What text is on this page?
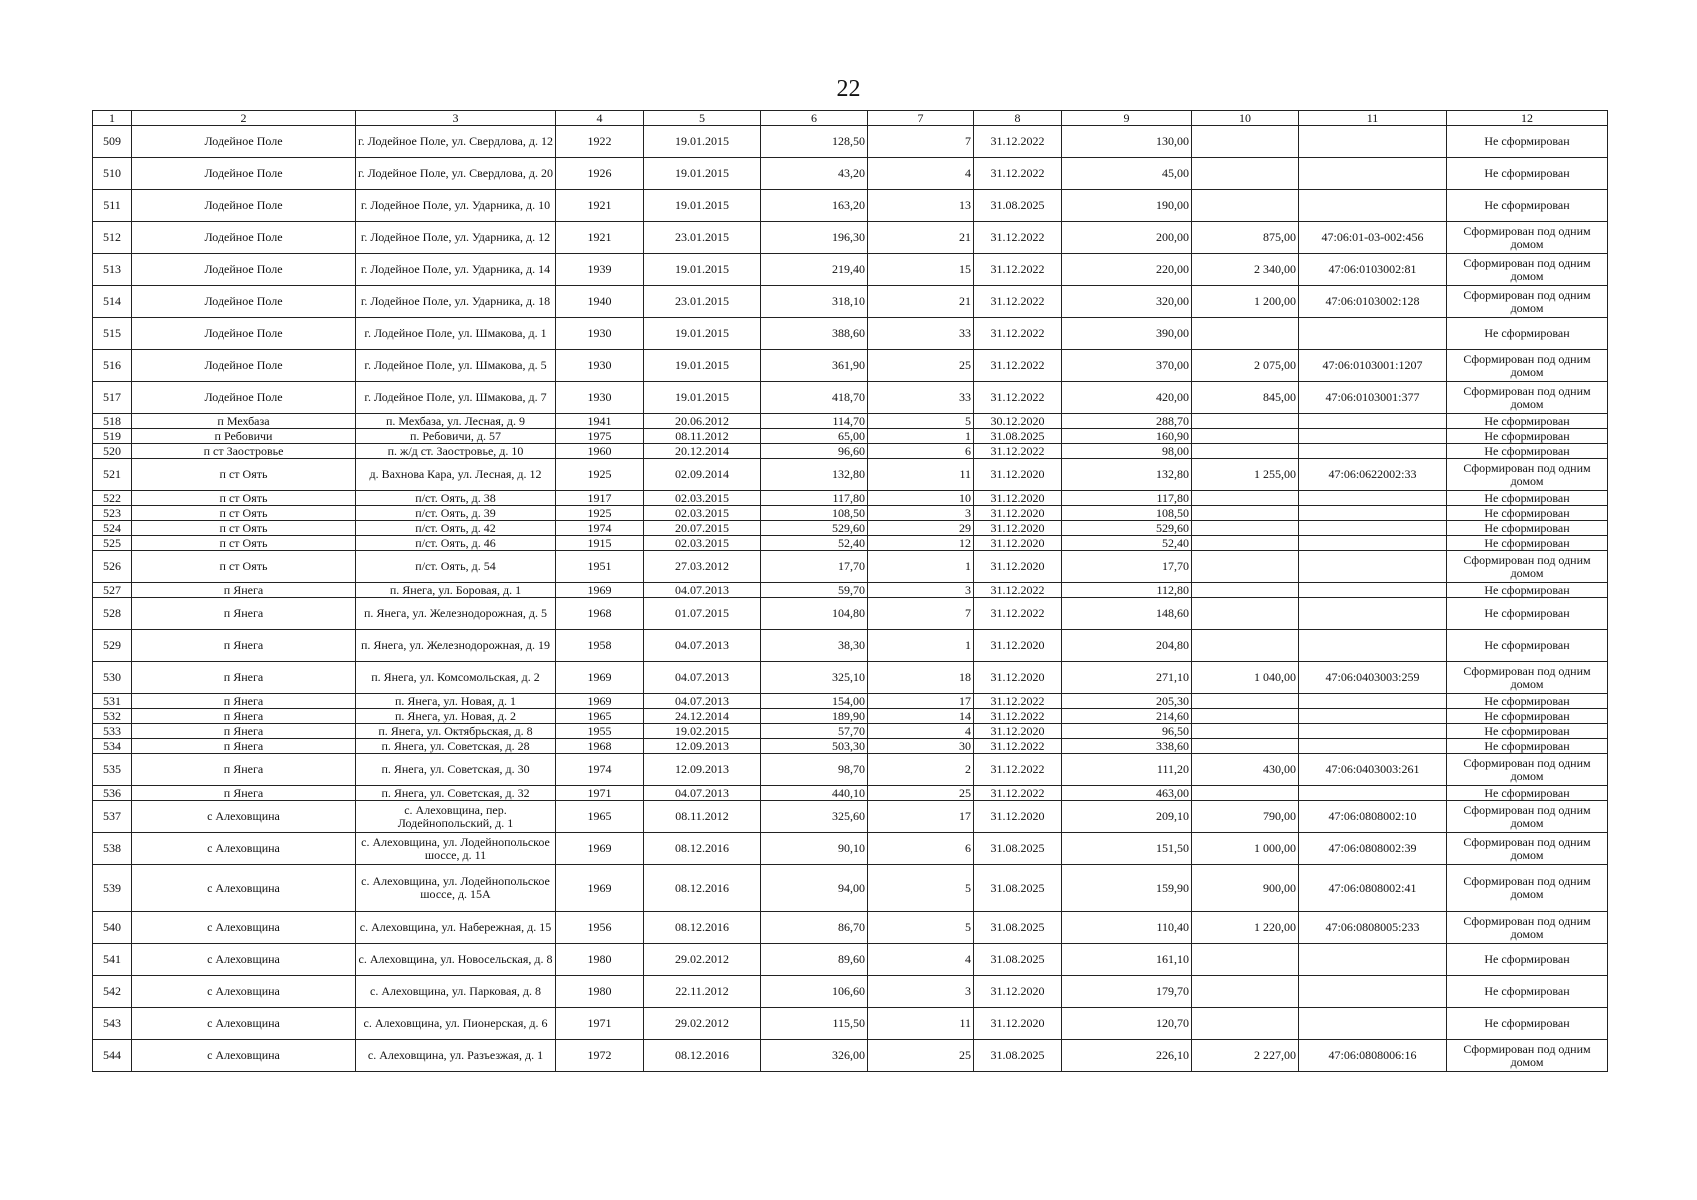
22
1	2	3	4	5	6	7	8	9	10	11	12
509	Лодейное Поле	г. Лодейное Поле, ул. Свердлова, д. 12	1922	19.01.2015	128,50	7	31.12.2022	130,00			Не сформирован
510	Лодейное Поле	г. Лодейное Поле, ул. Свердлова, д. 20	1926	19.01.2015	43,20	4	31.12.2022	45,00			Не сформирован
511	Лодейное Поле	г. Лодейное Поле, ул. Ударника, д. 10	1921	19.01.2015	163,20	13	31.08.2025	190,00			Не сформирован
512	Лодейное Поле	г. Лодейное Поле, ул. Ударника, д. 12	1921	23.01.2015	196,30	21	31.12.2022	200,00	875,00	47:06:01-03-002:456	Сформирован под одним домом
513	Лодейное Поле	г. Лодейное Поле, ул. Ударника, д. 14	1939	19.01.2015	219,40	15	31.12.2022	220,00	2 340,00	47:06:0103002:81	Сформирован под одним домом
514	Лодейное Поле	г. Лодейное Поле, ул. Ударника, д. 18	1940	23.01.2015	318,10	21	31.12.2022	320,00	1 200,00	47:06:0103002:128	Сформирован под одним домом
515	Лодейное Поле	г. Лодейное Поле, ул. Шмакова, д. 1	1930	19.01.2015	388,60	33	31.12.2022	390,00			Не сформирован
516	Лодейное Поле	г. Лодейное Поле, ул. Шмакова, д. 5	1930	19.01.2015	361,90	25	31.12.2022	370,00	2 075,00	47:06:0103001:1207	Сформирован под одним домом
517	Лодейное Поле	г. Лодейное Поле, ул. Шмакова, д. 7	1930	19.01.2015	418,70	33	31.12.2022	420,00	845,00	47:06:0103001:377	Сформирован под одним домом
518	п Мехбаза	п. Мехбаза, ул. Лесная, д. 9	1941	20.06.2012	114,70	5	30.12.2020	288,70			Не сформирован
519	п Ребовичи	п. Ребовичи, д. 57	1975	08.11.2012	65,00	1	31.08.2025	160,90			Не сформирован
520	п ст Заостровье	п. ж/д ст. Заостровье, д. 10	1960	20.12.2014	96,60	6	31.12.2022	98,00			Не сформирован
521	п ст Оять	д. Вахнова Кара, ул. Лесная, д. 12	1925	02.09.2014	132,80	11	31.12.2020	132,80	1 255,00	47:06:0622002:33	Сформирован под одним домом
522	п ст Оять	п/ст. Оять, д. 38	1917	02.03.2015	117,80	10	31.12.2020	117,80			Не сформирован
523	п ст Оять	п/ст. Оять, д. 39	1925	02.03.2015	108,50	3	31.12.2020	108,50			Не сформирован
524	п ст Оять	п/ст. Оять, д. 42	1974	20.07.2015	529,60	29	31.12.2020	529,60			Не сформирован
525	п ст Оять	п/ст. Оять, д. 46	1915	02.03.2015	52,40	12	31.12.2020	52,40			Не сформирован
526	п ст Оять	п/ст. Оять, д. 54	1951	27.03.2012	17,70	1	31.12.2020	17,70			Сформирован под одним домом
527	п Янега	п. Янега, ул. Боровая, д. 1	1969	04.07.2013	59,70	3	31.12.2022	112,80			Не сформирован
528	п Янега	п. Янега, ул. Железнодорожная, д. 5	1968	01.07.2015	104,80	7	31.12.2022	148,60			Не сформирован
529	п Янега	п. Янега, ул. Железнодорожная, д. 19	1958	04.07.2013	38,30	1	31.12.2020	204,80			Не сформирован
530	п Янега	п. Янега, ул. Комсомольская, д. 2	1969	04.07.2013	325,10	18	31.12.2020	271,10	1 040,00	47:06:0403003:259	Сформирован под одним домом
531	п Янега	п. Янега, ул. Новая, д. 1	1969	04.07.2013	154,00	17	31.12.2022	205,30			Не сформирован
532	п Янега	п. Янега, ул. Новая, д. 2	1965	24.12.2014	189,90	14	31.12.2022	214,60			Не сформирован
533	п Янега	п. Янега, ул. Октябрьская, д. 8	1955	19.02.2015	57,70	4	31.12.2020	96,50			Не сформирован
534	п Янега	п. Янега, ул. Советская, д. 28	1968	12.09.2013	503,30	30	31.12.2022	338,60			Не сформирован
535	п Янега	п. Янега, ул. Советская, д. 30	1974	12.09.2013	98,70	2	31.12.2022	111,20	430,00	47:06:0403003:261	Сформирован под одним домом
536	п Янега	п. Янега, ул. Советская, д. 32	1971	04.07.2013	440,10	25	31.12.2022	463,00			Не сформирован
537	с Алеховщина	с. Алеховщина, пер. Лодейнопольский, д. 1	1965	08.11.2012	325,60	17	31.12.2020	209,10	790,00	47:06:0808002:10	Сформирован под одним домом
538	с Алеховщина	с. Алеховщина, ул. Лодейнопольское шоссе, д. 11	1969	08.12.2016	90,10	6	31.08.2025	151,50	1 000,00	47:06:0808002:39	Сформирован под одним домом
539	с Алеховщина	с. Алеховщина, ул. Лодейнопольское шоссе, д. 15А	1969	08.12.2016	94,00	5	31.08.2025	159,90	900,00	47:06:0808002:41	Сформирован под одним домом
540	с Алеховщина	с. Алеховщина, ул. Набережная, д. 15	1956	08.12.2016	86,70	5	31.08.2025	110,40	1 220,00	47:06:0808005:233	Сформирован под одним домом
541	с Алеховщина	с. Алеховщина, ул. Новосельская, д. 8	1980	29.02.2012	89,60	4	31.08.2025	161,10			Не сформирован
542	с Алеховщина	с. Алеховщина, ул. Парковая, д. 8	1980	22.11.2012	106,60	3	31.12.2020	179,70			Не сформирован
543	с Алеховщина	с. Алеховщина, ул. Пионерская, д. 6	1971	29.02.2012	115,50	11	31.12.2020	120,70			Не сформирован
544	с Алеховщина	с. Алеховщина, ул. Разъезжая, д. 1	1972	08.12.2016	326,00	25	31.08.2025	226,10	2 227,00	47:06:0808006:16	Сформирован под одним домом
